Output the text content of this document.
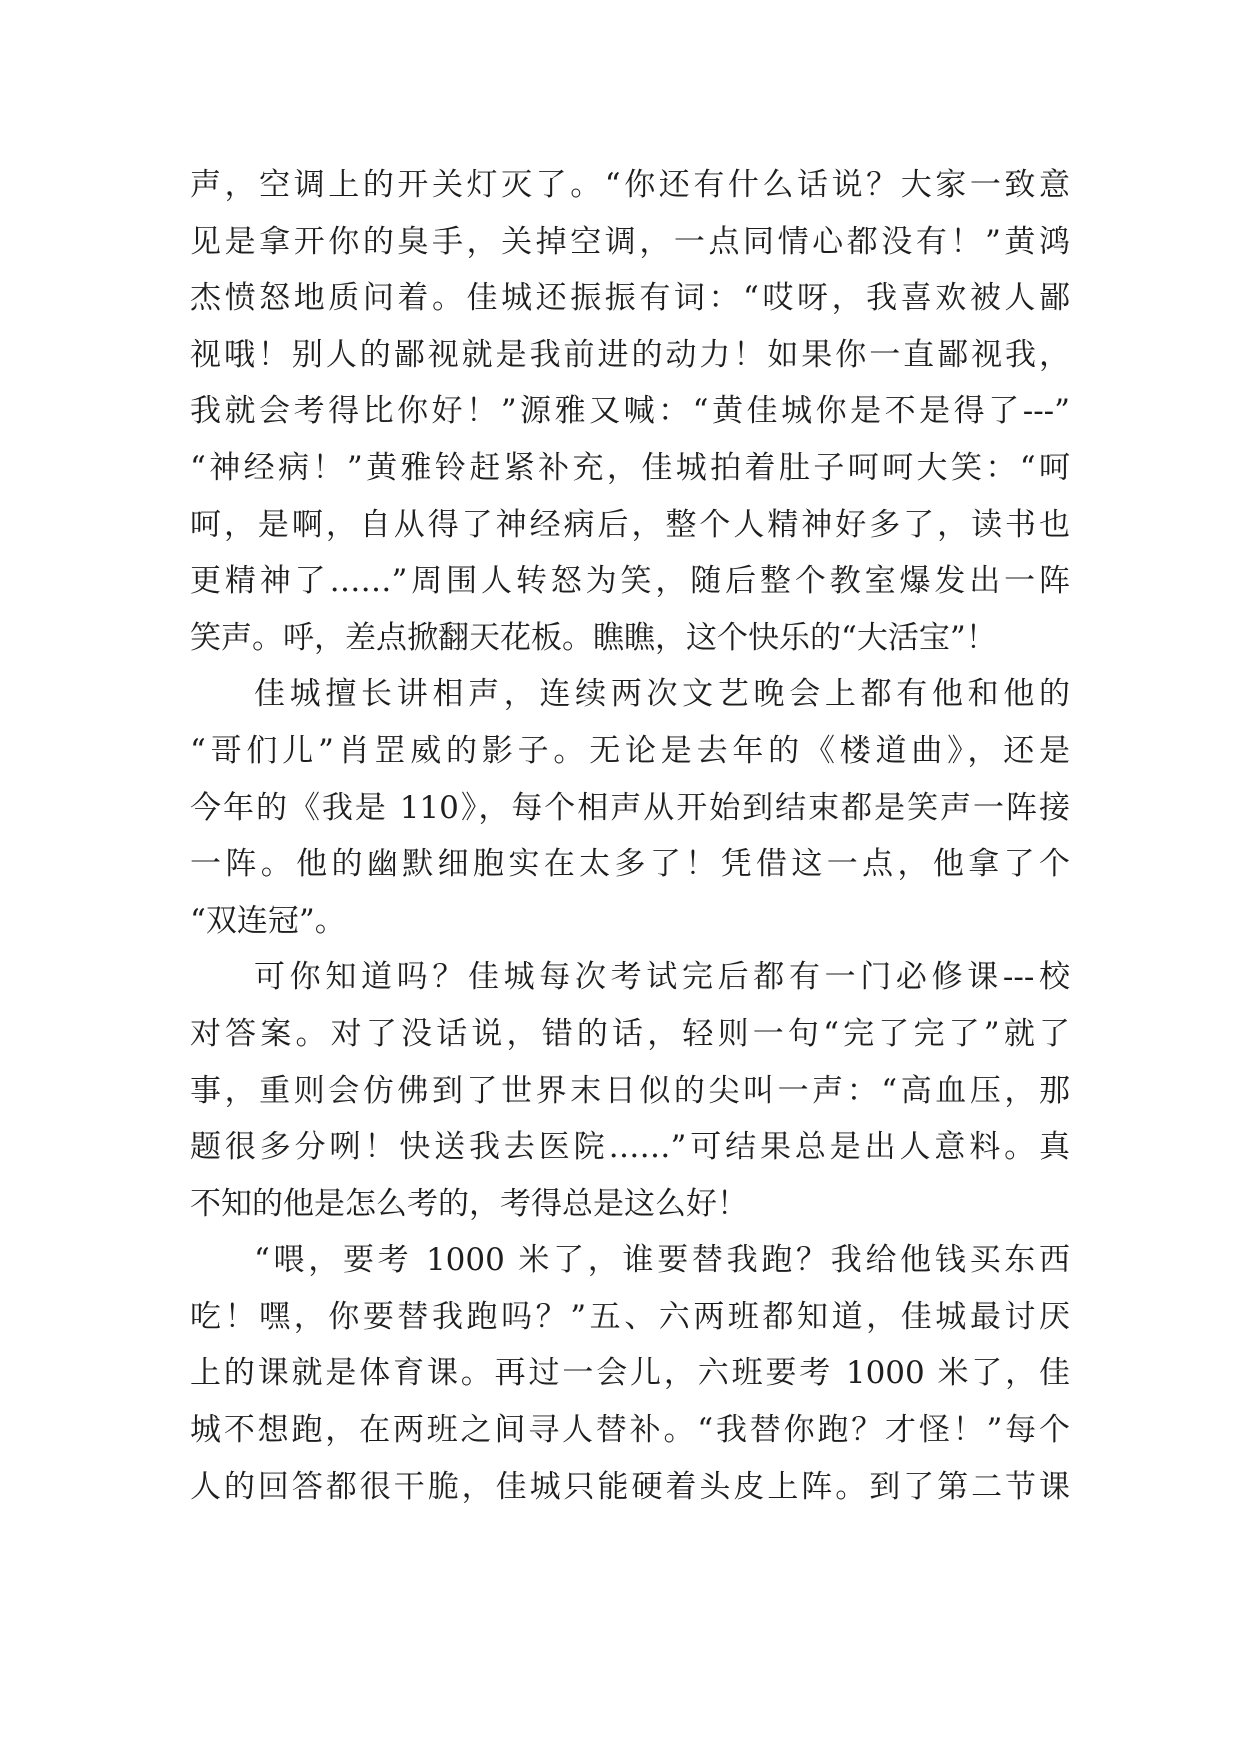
声，空调上的开关灯灭了。“你还有什么话说？大家一致意
见是拿开你的臭手，关掉空调，一点同情心都没有！”黄鸿
杰愤怒地质问着。佳城还振振有词：“哎呀，我喜欢被人鄙
视哦！别人的鄙视就是我前进的动力！如果你一直鄙视我，
我就会考得比你好！”源雅又喊：“黄佳城你是不是得了---”
“神经病！”黄雅铃赶紧补充，佳城拍着肚子呵呵大笑：“呵
呵，是啊，自从得了神经病后，整个人精神好多了，读书也
更精神了……”周围人转怒为笑，随后整个教室爆发出一阵
笑声。呼，差点掀翻天花板。瞧瞧，这个快乐的“大活宝”！
佳城擅长讲相声，连续两次文艺晚会上都有他和他的
“哥们儿”肖罡威的影子。无论是去年的《楼道曲》，还是
今年的《我是 110》，每个相声从开始到结束都是笑声一阵接
一阵。他的幽默细胞实在太多了！凭借这一点，他拿了个
“双连冠”。
可你知道吗？佳城每次考试完后都有一门必修课---校
对答案。对了没话说，错的话，轻则一句“完了完了”就了
事，重则会仿佛到了世界末日似的尖叫一声：“高血压，那
题很多分咧！快送我去医院……”可结果总是出人意料。真
不知的他是怎么考的，考得总是这么好！
“喂，要考 1000 米了，谁要替我跑？我给他钱买东西
吃！嘿，你要替我跑吗？”五、六两班都知道，佳城最讨厌
上的课就是体育课。再过一会儿，六班要考 1000 米了，佳
城不想跑，在两班之间寻人替补。“我替你跑？才怪！”每个
人的回答都很干脆，佳城只能硬着头皮上阵。到了第二节课
